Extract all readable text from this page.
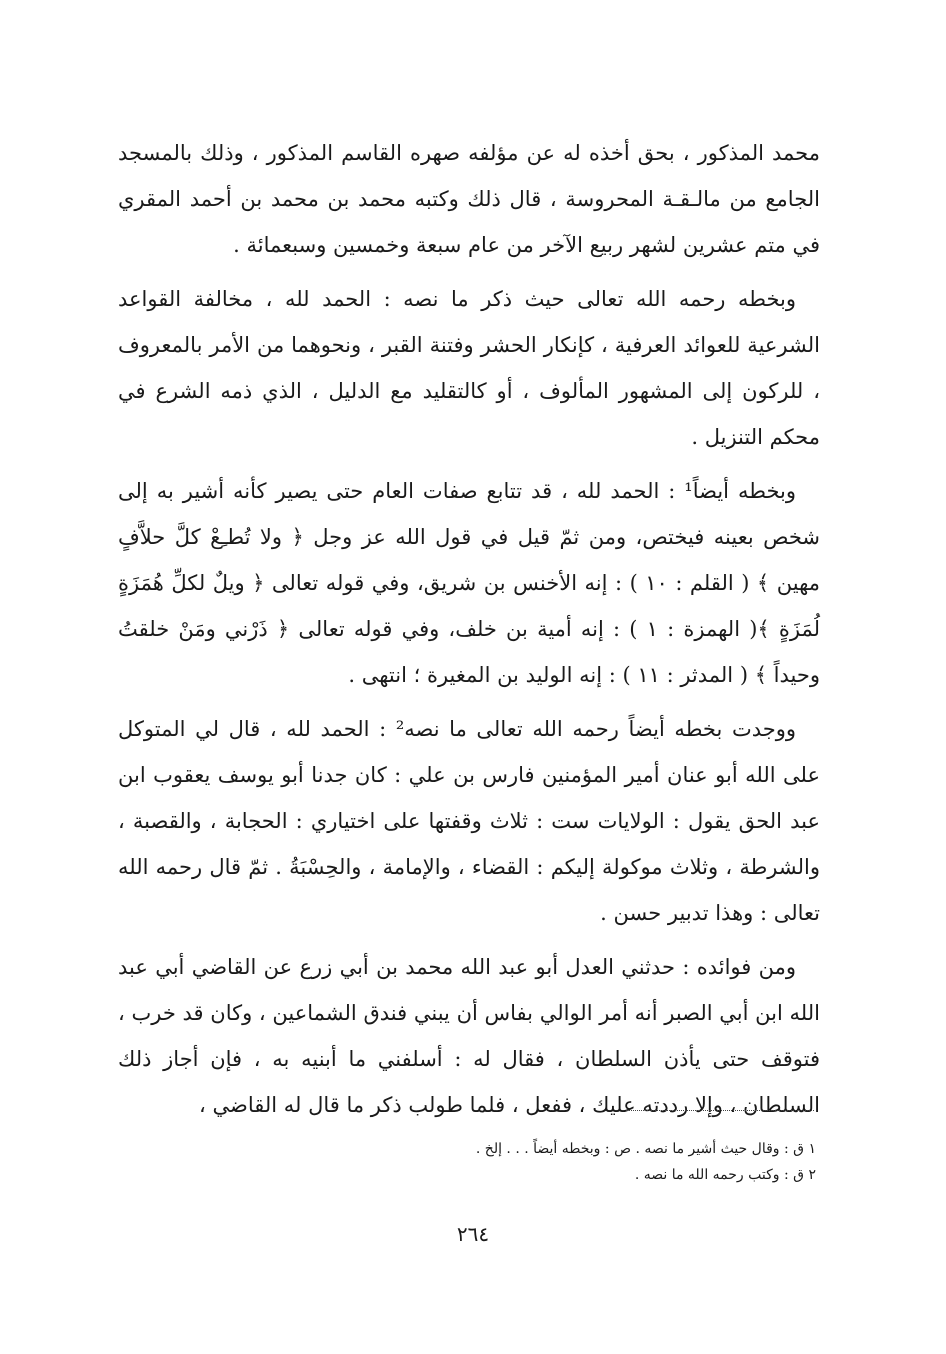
محمد المذكور ، بحق أخذه له عن مؤلفه صهره القاسم المذكور ، وذلك بالمسجد الجامع من مالـقـة المحروسة ، قال ذلك وكتبه محمد بن محمد بن أحمد المقري في متم عشرين لشهر ربيع الآخر من عام سبعة وخمسين وسبعمائة .

وبخطه رحمه الله تعالى حيث ذكر ما نصه : الحمد لله ، مخالفة القواعد الشرعية للعوائد العرفية ، كإنكار الحشر وفتنة القبر ، ونحوهما من الأمر بالمعروف ، للركون إلى المشهور المألوف ، أو كالتقليد مع الدليل ، الذي ذمه الشرع في محكم التنزيل .

وبخطه أيضاً¹ : الحمد لله ، قد تتابع صفات العام حتى يصير كأنه أشير به إلى شخص بعينه فيختص، ومن ثمّ قيل في قول الله عز وجل ﴿ ولا تُطـِعْ كلَّ حلاَّفٍ مهين ﴾ ( القلم : ١٠ ) : إنه الأخنس بن شريق، وفي قوله تعالى ﴿ ويلٌ لكلِّ هُمَزَةٍ لُمَزَةٍ ﴾( الهمزة : ١ ) : إنه أمية بن خلف، وفي قوله تعالى ﴿ ذَرْني ومَنْ خلقتُ وحيداً ﴾ ( المدثر : ١١ ) : إنه الوليد بن المغيرة ؛ انتهى .

ووجدت بخطه أيضاً رحمه الله تعالى ما نصه² : الحمد لله ، قال لي المتوكل على الله أبو عنان أمير المؤمنين فارس بن علي : كان جدنا أبو يوسف يعقوب ابن عبد الحق يقول : الولايات ست : ثلاث وقفتها على اختياري : الحجابة ، والقصبة ، والشرطة ، وثلاث موكولة إليكم : القضاء ، والإمامة ، والحِسْبَةُ . ثمّ قال رحمه الله تعالى : وهذا تدبير حسن .

ومن فوائده : حدثني العدل أبو عبد الله محمد بن أبي زرع عن القاضي أبي عبد الله ابن أبي الصبر أنه أمر الوالي بفاس أن يبني فندق الشماعين ، وكان قد خرب ، فتوقف حتى يأذن السلطان ، فقال له : أسلفني ما أبنيه به ، فإن أجاز ذلك السلطان ، وإلا رددته عليك ، ففعل ، فلما طولب ذكر ما قال له القاضي ،

١ ق : وقال حيث أشير ما نصه . ص : وبخطه أيضاً . . . إلخ .

٢ ق : وكتب رحمه الله ما نصه .

٢٦٤
